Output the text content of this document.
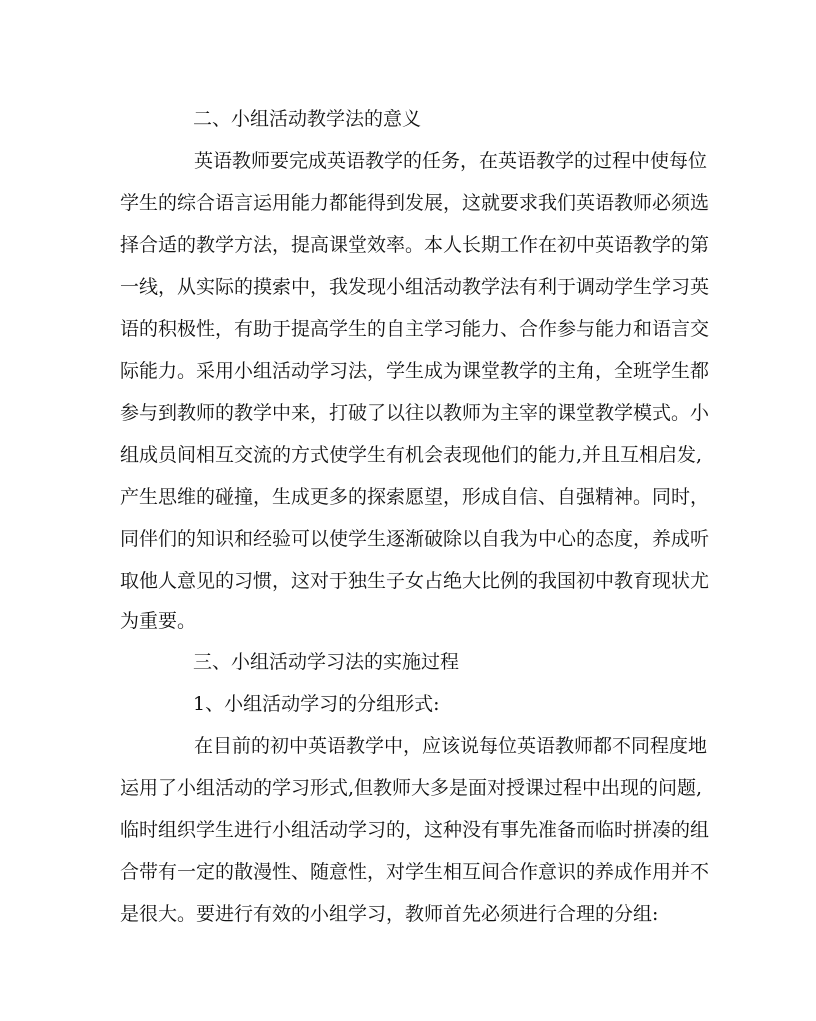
二、小组活动教学法的意义
英语教师要完成英语教学的任务，在英语教学的过程中使每位
学生的综合语言运用能力都能得到发展，这就要求我们英语教师必须选
择合适的教学方法，提高课堂效率。本人长期工作在初中英语教学的第
一线，从实际的摸索中，我发现小组活动教学法有利于调动学生学习英
语的积极性，有助于提高学生的自主学习能力、合作参与能力和语言交
际能力。采用小组活动学习法，学生成为课堂教学的主角，全班学生都
参与到教师的教学中来，打破了以往以教师为主宰的课堂教学模式。小
组成员间相互交流的方式使学生有机会表现他们的能力,并且互相启发,
产生思维的碰撞，生成更多的探索愿望，形成自信、自强精神。同时，
同伴们的知识和经验可以使学生逐渐破除以自我为中心的态度，养成听
取他人意见的习惯，这对于独生子女占绝大比例的我国初中教育现状尤
为重要。
三、小组活动学习法的实施过程
1、小组活动学习的分组形式:
在目前的初中英语教学中，应该说每位英语教师都不同程度地
运用了小组活动的学习形式,但教师大多是面对授课过程中出现的问题,
临时组织学生进行小组活动学习的，这种没有事先准备而临时拼凑的组
合带有一定的散漫性、随意性，对学生相互间合作意识的养成作用并不
是很大。要进行有效的小组学习，教师首先必须进行合理的分组:
